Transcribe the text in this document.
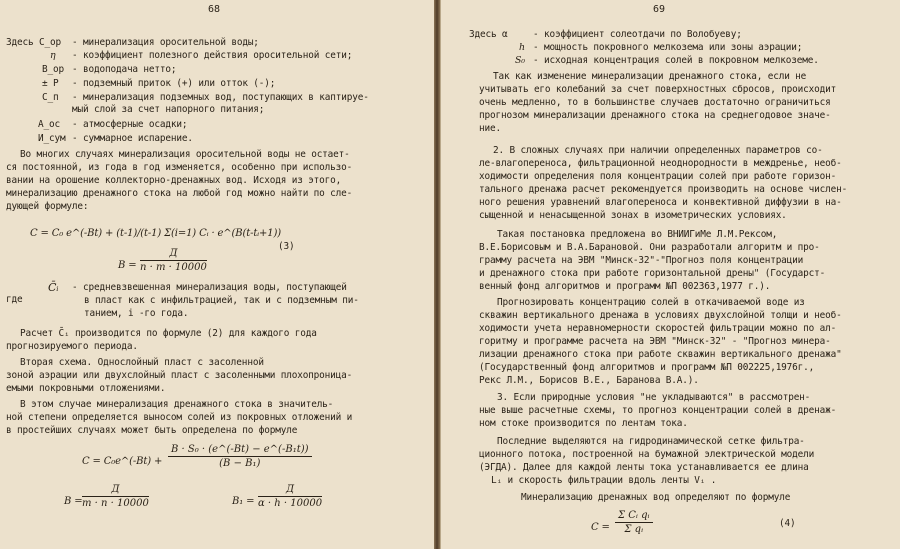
68
Здесь C_ор - минерализация оросительной воды;
η - коэффициент полезного действия оросительной сети;
В_ор - водоподача нетто;
± Р - подземный приток (+) или отток (-);
С_п - минерализация подземных вод, поступающих в каптируе-
мый слой за счет напорного питания;
А_ос - атмосферные осадки;
И_сум - суммарное испарение.
Во многих случаях минерализация оросительной воды не остает-
ся постоянной, из года в год изменяется, особенно при использо-
вании на орошение коллекторно-дренажных вод. Исходя из этого,
минерализацию дренажного стока на любой год можно найти по сле-
дующей формуле:
C = C₀ e^(-Bt) + (t-1)/(t-1) Σ(i=1) Cᵢ · e^(B(t-tᵢ+1))
B =
Д
n · m · 10000
(3)
где
C̄ᵢ - средневзвешенная минерализация воды, поступающей
в пласт как с инфильтрацией, так и с подземным пи-
танием, i -го года.
Расчет C̄ᵢ производится по формуле (2) для каждого года
прогнозируемого периода.
Вторая схема. Однослойный пласт с засоленной
зоной аэрации или двухслойный пласт с засоленными плохопроница-
емыми покровными отложениями.
В этом случае минерализация дренажного стока в значитель-
ной степени определяется выносом солей из покровных отложений и
в простейших случаях может быть определена по формуле
C = C₀e^(-Bt) + $\frac{\text{B · S₀ · (e\textasciicircum{}(-Bt) − e\textasciicircum{}(-B₁t))}}{\text{(B − B₁)}}$
B =
Д
m · n · 10000	B₁ =
Д
α · h · 10000
69
Здесь α	- коэффициент солеотдачи по Волобуеву;
h - мощность покровного мелкозема или зоны аэрации;
S₀ - исходная концентрация солей в покровном мелкоземе.
Так как изменение минерализации дренажного стока, если не
учитывать его колебаний за счет поверхностных сбросов, происходит
очень медленно, то в большинстве случаев достаточно ограничиться
прогнозом минерализации дренажного стока на среднегодовое значе-
ние.
2. В сложных случаях при наличии определенных параметров со-
ле-влагопереноса, фильтрационной неоднородности в междренье, необ-
ходимости определения поля концентрации солей при работе горизон-
тального дренажа расчет рекомендуется производить на основе числен-
ного решения уравнений влагопереноса и конвективной диффузии в на-
сыщенной и ненасыщенной зонах в изометрических условиях.
Такая постановка предложена во ВНИИГиМе Л.М.Рексом,
В.Е.Борисовым и В.А.Барановой. Они разработали алгоритм и про-
грамму расчета на ЭВМ "Минск-32"-"Прогноз поля концентрации
и дренажного стока при работе горизонтальной дрены" (Государст-
венный фонд алгоритмов и программ №П 002363,1977 г.).
Прогнозировать концентрацию солей в откачиваемой воде из
скважин вертикального дренажа в условиях двухслойной толщи и необ-
ходимости учета неравномерности скоростей фильтрации можно по ал-
горитму и программе расчета на ЭВМ "Минск-32" - "Прогноз минера-
лизации дренажного стока при работе скважин вертикального дренажа"
(Государственный фонд алгоритмов и программ №П 002225,1976г.,
Рекс Л.М., Борисов В.Е., Баранова В.А.).
3. Если природные условия "не укладываются" в рассмотрен-
ные выше расчетные схемы, то прогноз концентрации солей в дренаж-
ном стоке производится по лентам тока.
Последние выделяются на гидродинамической сетке фильтра-
ционного потока, построенной на бумажной электрической модели
(ЭГДА). Далее для каждой ленты тока устанавливается ее длина
Lᵢ и скорость фильтрации вдоль ленты Vᵢ .
Минерализацию дренажных вод определяют по формуле
$C = \frac{\text{Σ Cᵢ qᵢ}}{\text{Σ qᵢ}}$	(4)
